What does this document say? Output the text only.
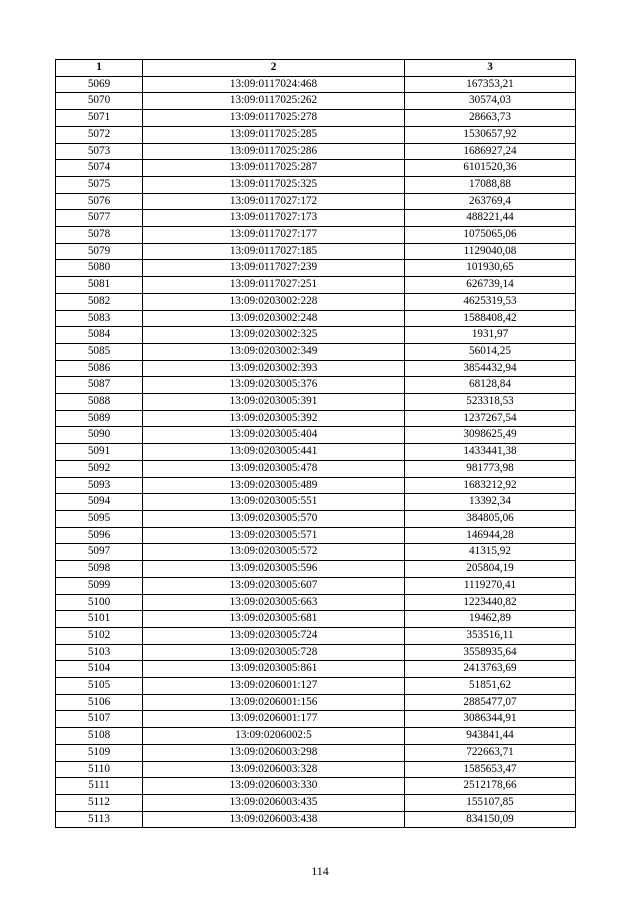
1	2	3
5069	13:09:0117024:468	167353,21
5070	13:09:0117025:262	30574,03
5071	13:09:0117025:278	28663,73
5072	13:09:0117025:285	1530657,92
5073	13:09:0117025:286	1686927,24
5074	13:09:0117025:287	6101520,36
5075	13:09:0117025:325	17088,88
5076	13:09:0117027:172	263769,4
5077	13:09:0117027:173	488221,44
5078	13:09:0117027:177	1075065,06
5079	13:09:0117027:185	1129040,08
5080	13:09:0117027:239	101930,65
5081	13:09:0117027:251	626739,14
5082	13:09:0203002:228	4625319,53
5083	13:09:0203002:248	1588408,42
5084	13:09:0203002:325	1931,97
5085	13:09:0203002:349	56014,25
5086	13:09:0203002:393	3854432,94
5087	13:09:0203005:376	68128,84
5088	13:09:0203005:391	523318,53
5089	13:09:0203005:392	1237267,54
5090	13:09:0203005:404	3098625,49
5091	13:09:0203005:441	1433441,38
5092	13:09:0203005:478	981773,98
5093	13:09:0203005:489	1683212,92
5094	13:09:0203005:551	13392,34
5095	13:09:0203005:570	384805,06
5096	13:09:0203005:571	146944,28
5097	13:09:0203005:572	41315,92
5098	13:09:0203005:596	205804,19
5099	13:09:0203005:607	1119270,41
5100	13:09:0203005:663	1223440,82
5101	13:09:0203005:681	19462,89
5102	13:09:0203005:724	353516,11
5103	13:09:0203005:728	3558935,64
5104	13:09:0203005:861	2413763,69
5105	13:09:0206001:127	51851,62
5106	13:09:0206001:156	2885477,07
5107	13:09:0206001:177	3086344,91
5108	13:09:0206002:5	943841,44
5109	13:09:0206003:298	722663,71
5110	13:09:0206003:328	1585653,47
5111	13:09:0206003:330	2512178,66
5112	13:09:0206003:435	155107,85
5113	13:09:0206003:438	834150,09
114
